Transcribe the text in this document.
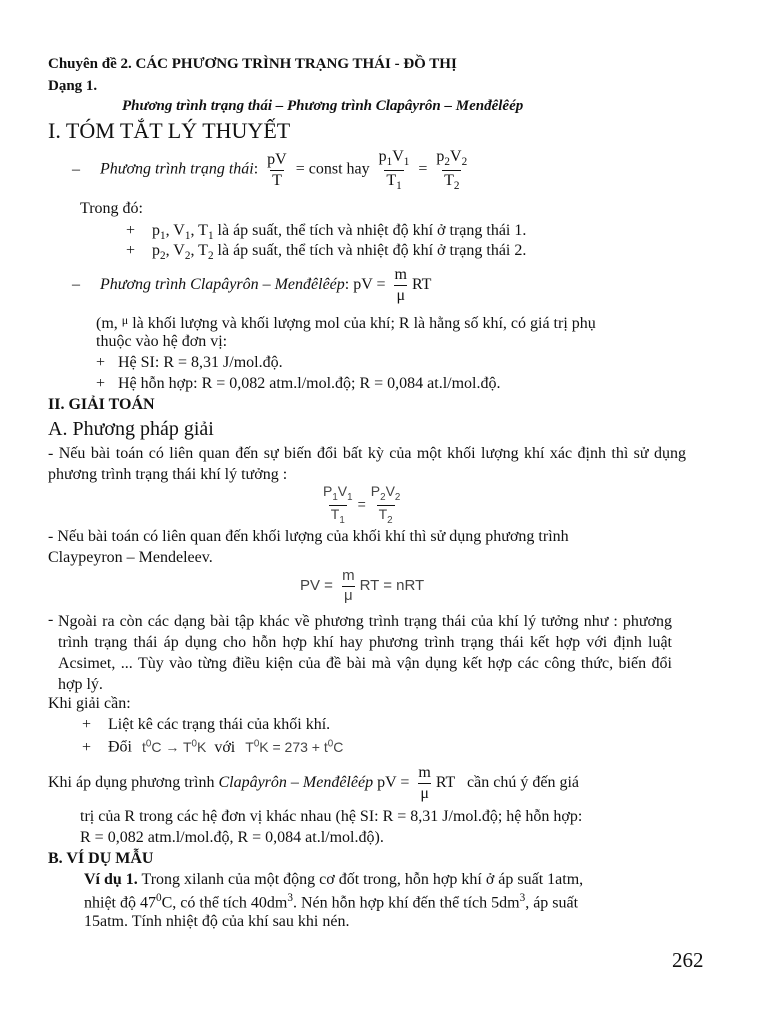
Chuyên đề 2. CÁC PHƯƠNG TRÌNH TRẠNG THÁI - ĐỒ THỊ
Dạng 1.
Phương trình trạng thái – Phương trình Clapâyrôn – Menđêlêép
I. TÓM TẮT LÝ THUYẾT
– Phương trình trạng thái: $\frac{pV}{T}$ = const hay $\frac{p_1V_1}{T_1} = \frac{p_2V_2}{T_2}$
Trong đó:
+ $p_1$, $V_1$, $T_1$ là áp suất, thể tích và nhiệt độ khí ở trạng thái 1.
+ $p_2$, $V_2$, $T_2$ là áp suất, thể tích và nhiệt độ khí ở trạng thái 2.
– Phương trình Clapâyrôn – Menđêlêép: pV = $\frac{m}{\mu}$ RT
(m, $^\mu$ là khối lượng và khối lượng mol của khí; R là hằng số khí, có giá trị phụ
thuộc vào hệ đơn vị:
+ Hệ SI: R = 8,31 J/mol.độ.
+ Hệ hỗn hợp: R = 0,082 atm.l/mol.độ; R = 0,084 at.l/mol.độ.
II. GIẢI TOÁN
A. Phương pháp giải
- Nếu bài toán có liên quan đến sự biến đổi bất kỳ của một khối lượng khí xác định thì sử dụng phương trình trạng thái khí lý tưởng :
$\frac{P_1V_1}{T_1} = \frac{P_2V_2}{T_2}$
- Nếu bài toán có liên quan đến khối lượng của khối khí thì sử dụng phương trình
Claypeyron – Mendeleev.
PV = $\frac{m}{\mu}$ RT = nRT
- Ngoài ra còn các dạng bài tập khác về phương trình trạng thái của khí lý tưởng như : phương trình trạng thái áp dụng cho hỗn hợp khí hay phương trình trạng thái kết hợp với định luật Acsimet, ... Tùy vào từng điều kiện của đề bài mà vận dụng kết hợp các công thức, biến đổi hợp lý.
Khi giải cần:
+ Liệt kê các trạng thái của khối khí.
+ Đổi $t^0C \to T^0K$ với $T^0K = 273 + t^0C$
Khi áp dụng phương trình Clapâyrôn – Menđêlêép pV = $\frac{m}{\mu}$ RT cần chú ý đến giá
trị của R trong các hệ đơn vị khác nhau (hệ SI: R = 8,31 J/mol.độ; hệ hỗn hợp:
R = 0,082 atm.l/mol.độ, R = 0,084 at.l/mol.độ).
B. VÍ DỤ MẪU
Ví dụ 1. Trong xilanh của một động cơ đốt trong, hỗn hợp khí ở áp suất 1atm,
nhiệt độ $47^0C$, có thể tích $40dm^3$. Nén hỗn hợp khí đến thể tích $5dm^3$, áp suất
15atm. Tính nhiệt độ của khí sau khi nén.
262
